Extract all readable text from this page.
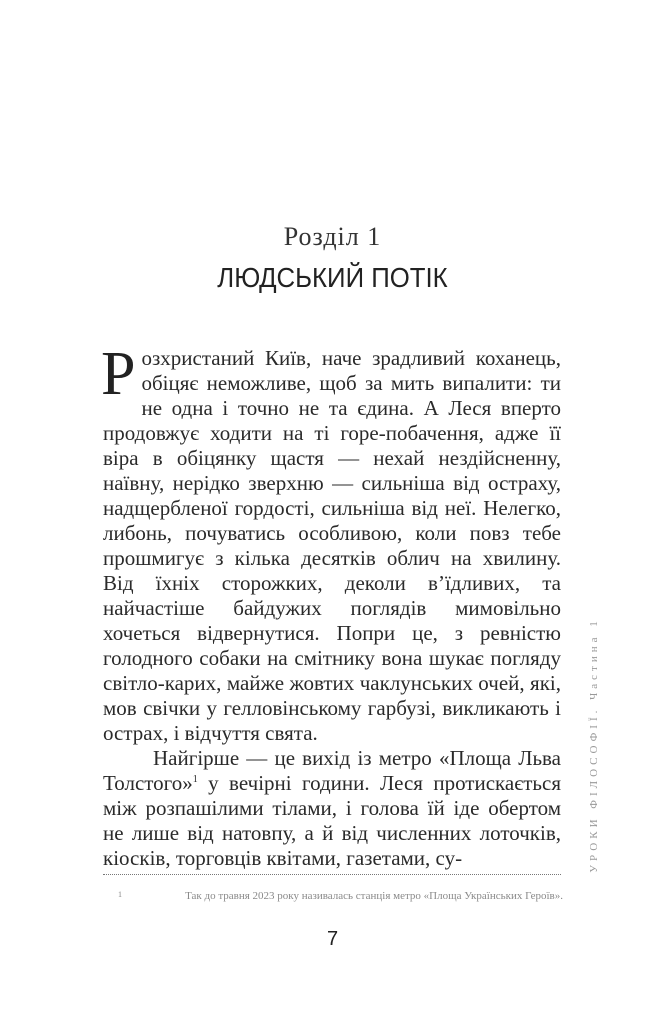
Розділ 1
ЛЮДСЬКИЙ ПОТІК

Розхристаний Київ, наче зрадливий коханець, обіцяє неможливе, щоб за мить випалити: ти не одна і точно не та єдина. А Леся вперто продовжує ходити на ті горе-побачення, адже її віра в обіцянку щастя — нехай нездійсненну, наївну, нерідко зверхню — сильніша від остраху, надщербленої гордості, сильніша від неї. Нелегко, либонь, почуватись особливою, коли повз тебе прошмигує з кілька десятків облич на хвилину. Від їхніх сторожких, деколи в’їдливих, та найчастіше байдужих поглядів мимовільно хочеться відвернутися. Попри це, з ревністю голодного собаки на смітнику вона шукає погляду світло-карих, майже жовтих чаклунських очей, які, мов свічки у гелловінському гарбузі, викликають і острах, і відчуття свята.

Найгірше — це вихід із метро «Площа Льва Толстого»$^1$ у вечірні години. Леся протискається між розпашілими тілами, і голова їй іде обертом не лише від натовпу, а й від численних лоточків, кіосків, торговців квітами, газетами, су-

1	Так до травня 2023 року називалась станція метро «Площа Українських Героїв».
7
УРОКИ ФІЛОСОФІЇ. Частина 1
